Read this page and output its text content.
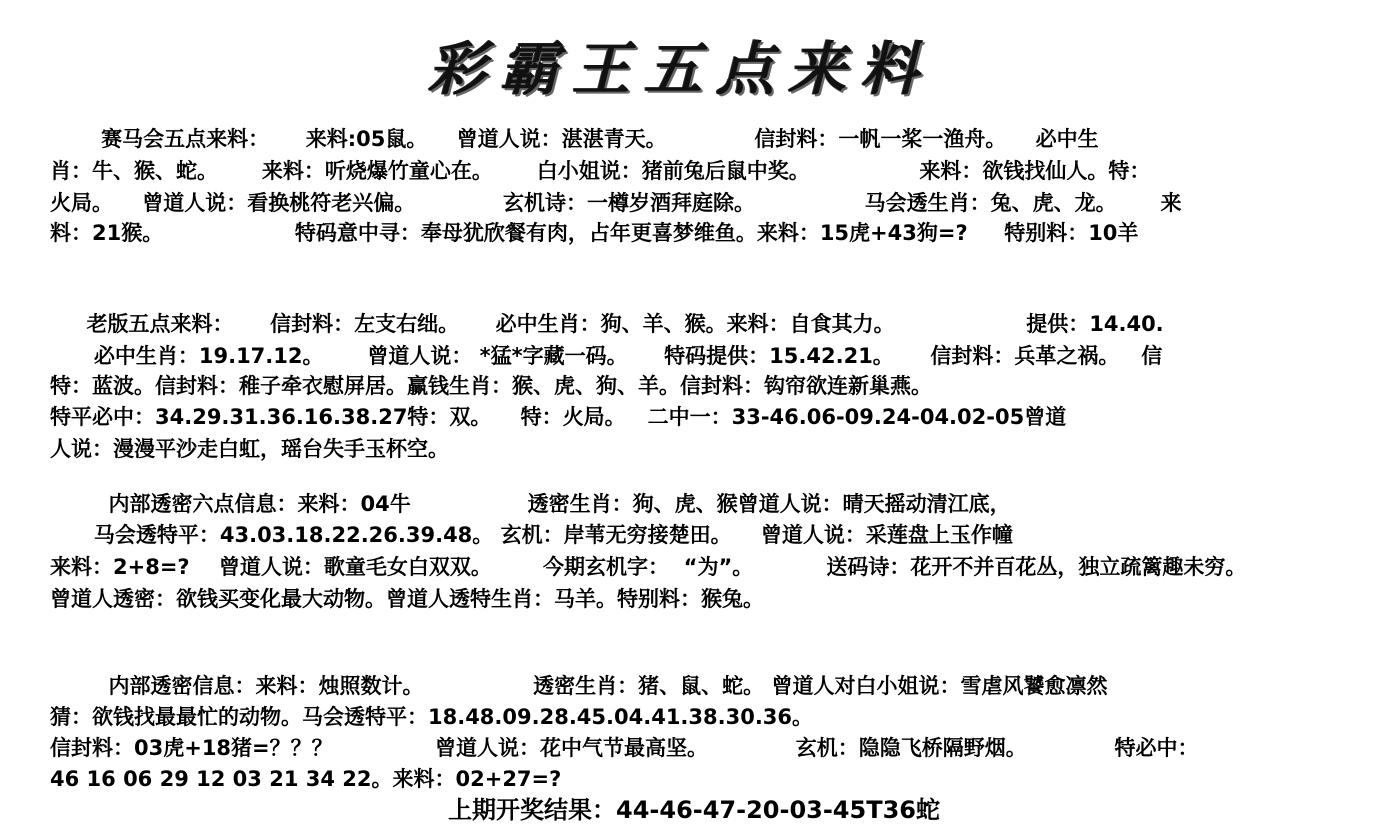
彩霸王五点来料
赛马会五点来料：     来料:05鼠。    曾道人说：湛湛青天。            信封料：一帆一桨一渔舟。    必中生
肖：牛、猴、蛇。      来料：听烧爆竹童心在。      白小姐说：猪前兔后鼠中奖。               来料：欲钱找仙人。特：
火局。    曾道人说：看换桃符老兴偏。            玄机诗：一樽岁酒拜庭除。               马会透生肖：兔、虎、龙。      来
料：21猴。                  特码意中寻：奉母犹欣餐有肉，占年更喜梦维鱼。来料：15虎+43狗=?     特别料：10羊
老版五点来料：     信封料：左支右绌。     必中生肖：狗、羊、猴。来料：自食其力。                  提供：14.40.
必中生肖：19.17.12。      曾道人说： *猛*字藏一码。     特码提供：15.42.21。     信封料：兵革之祸。   信
特：蓝波。信封料：稚子牵衣慰屏居。赢钱生肖：猴、虎、狗、羊。信封料：钩帘欲连新巢燕。
特平必中：34.29.31.36.16.38.27特：双。    特：火局。   二中一：33-46.06-09.24-04.02-05曾道
人说：漫漫平沙走白虹，瑶台失手玉杯空。
内部透密六点信息：来料：04牛                透密生肖：狗、虎、猴曾道人说：晴天摇动清江底，
马会透特平：43.03.18.22.26.39.48。 玄机：岸苇无穷接楚田。    曾道人说：采莲盘上玉作幢
来料：2+8=?    曾道人说：歌童毛女白双双。       今期玄机字：  “为”。          送码诗：花开不并百花丛，独立疏篱趣未穷。
曾道人透密：欲钱买变化最大动物。曾道人透特生肖：马羊。特别料：猴兔。
内部透密信息：来料：烛照数计。               透密生肖：猪、鼠、蛇。 曾道人对白小姐说：雪虐风饕愈凛然
猜：欲钱找最最忙的动物。马会透特平：18.48.09.28.45.04.41.38.30.36。
信封料：03虎+18猪=？？？              曾道人说：花中气节最高坚。            玄机：隐隐飞桥隔野烟。            特必中：
46 16 06 29 12 03 21 34 22。来料：02+27=?
上期开奖结果：44-46-47-20-03-45T36蛇
